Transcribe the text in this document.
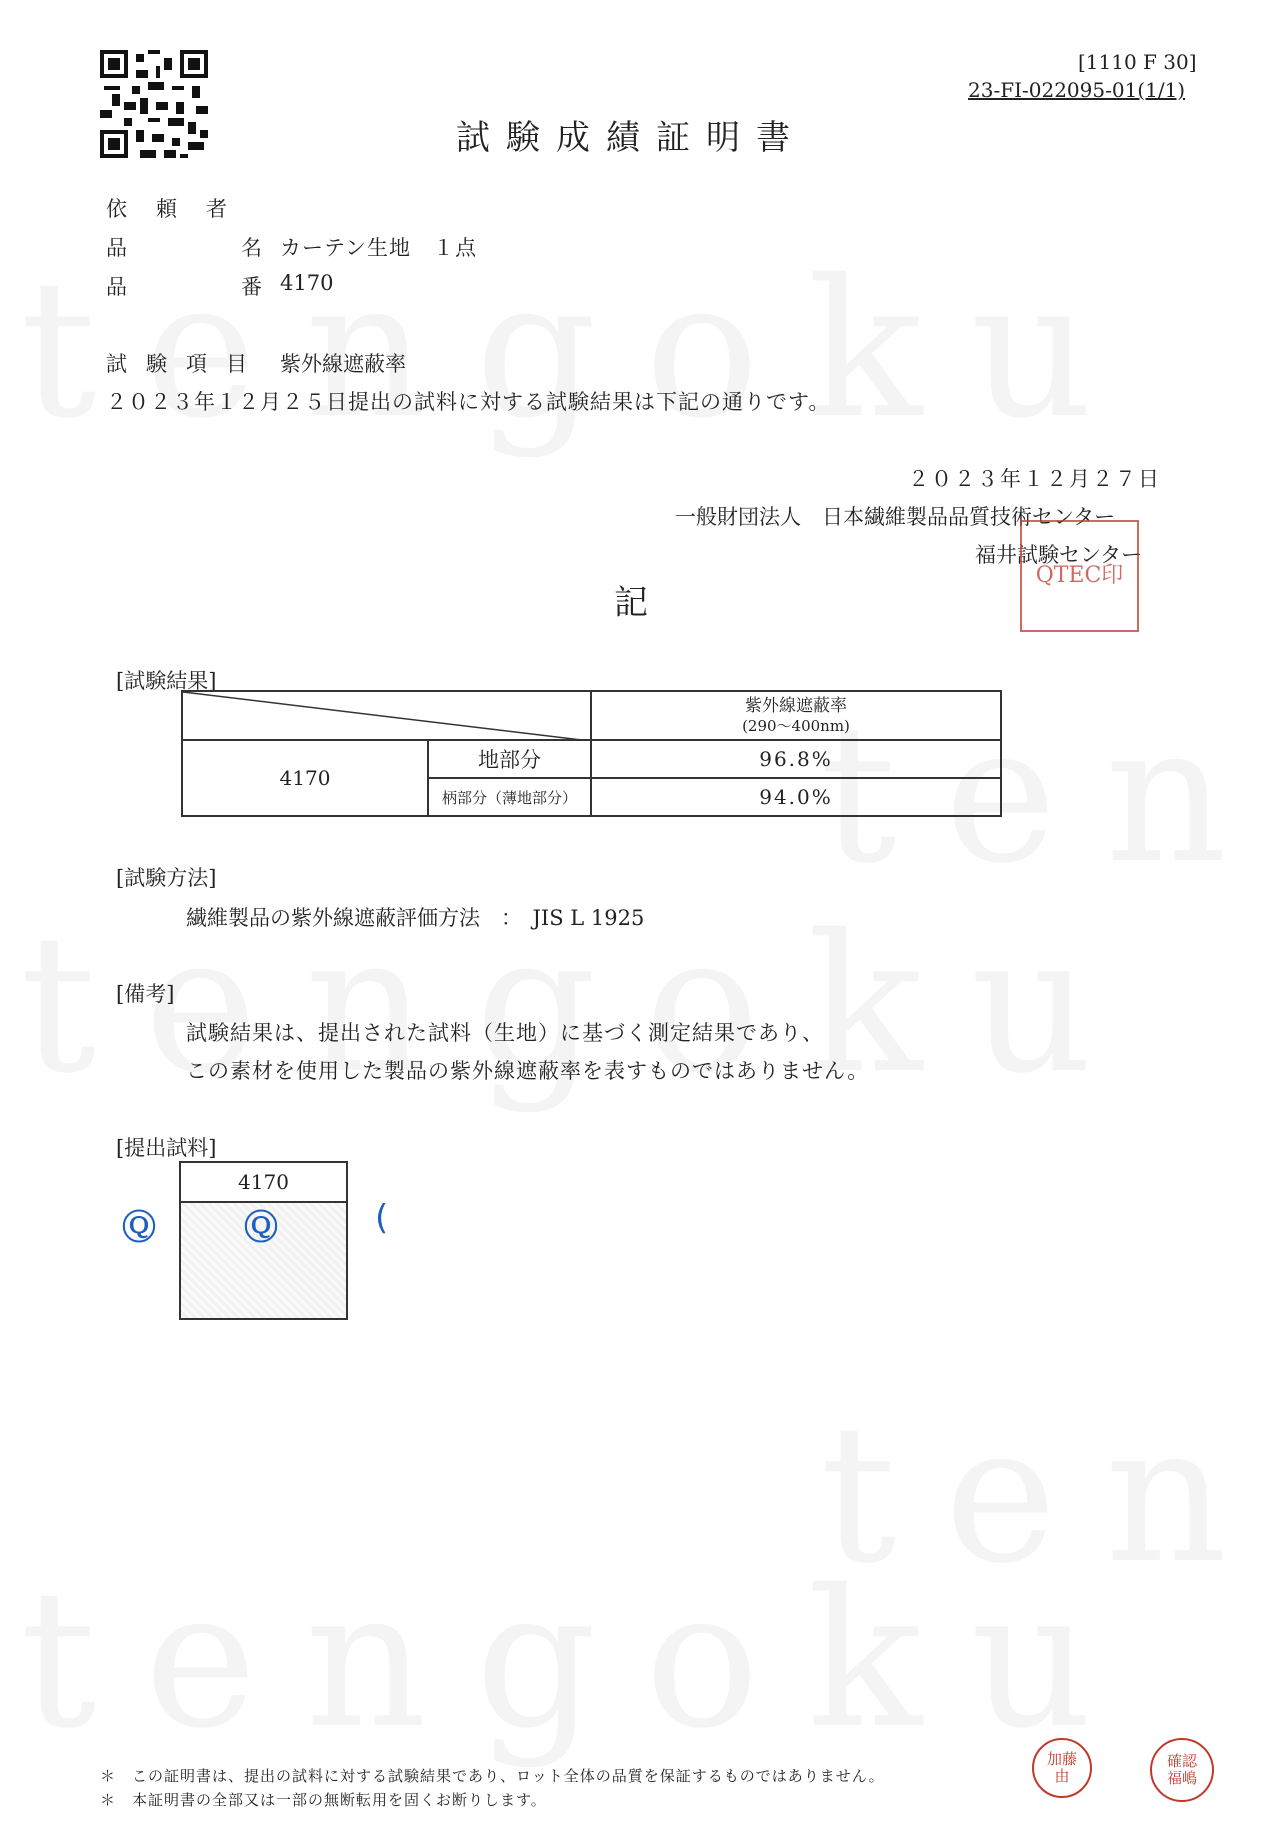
[1110 F 30]
23-FI-022095-01(1/1)
試験成績証明書
依　頼　者
品	名 カーテン生地　１点
品	番 4170
試験項目 紫外線遮蔽率
２０２３年１２月２５日提出の試料に対する試験結果は下記の通りです。
２０２３年１２月２７日
一般財団法人　日本繊維製品品質技術センター
福井試験センター
QTEC印
記
[試験結果]

紫外線遮蔽率
(290～400nm)

4170	地部分	96.8%
	柄部分（薄地部分）	94.0%
[試験方法]
繊維製品の紫外線遮蔽評価方法　：　JIS L 1925
[備考]
試験結果は、提出された試料（生地）に基づく測定結果であり、
この素材を使用した製品の紫外線遮蔽率を表すものではありません。
[提出試料]
4170
Ⓠ	Ⓠ	(
＊　この証明書は、提出の試料に対する試験結果であり、ロット全体の品質を保証するものではありません。
＊　本証明書の全部又は一部の無断転用を固くお断りします。
加藤由
確認福嶋
